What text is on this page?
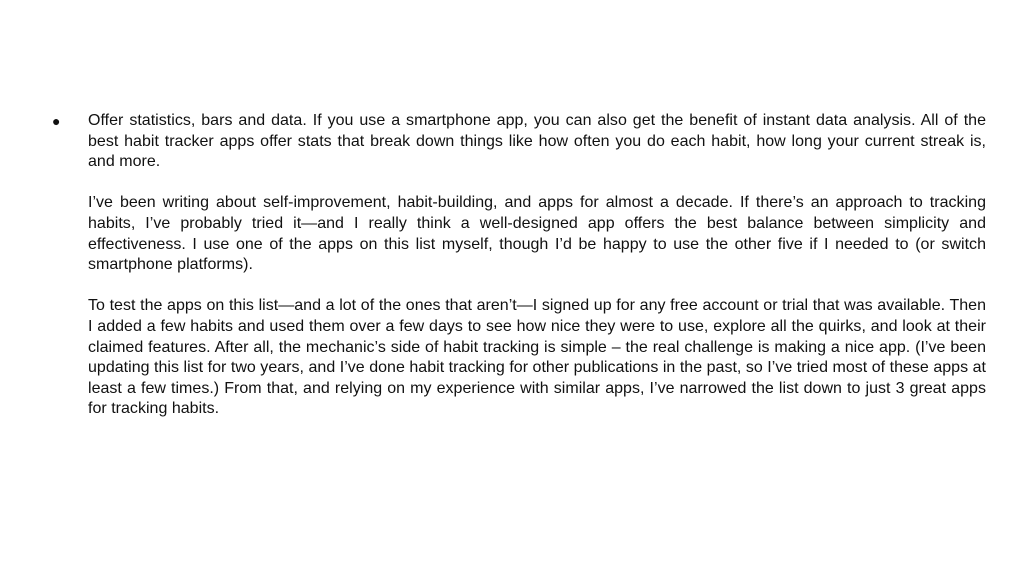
●	Offer statistics, bars and data. If you use a smartphone app, you can also get the benefit of instant data analysis. All of the best habit tracker apps offer stats that break down things like how often you do each habit, how long your current streak is, and more.

I’ve been writing about self-improvement, habit-building, and apps for almost a decade. If there’s an approach to tracking habits, I’ve probably tried it—and I really think a well-designed app offers the best balance between simplicity and effectiveness. I use one of the apps on this list myself, though I’d be happy to use the other five if I needed to (or switch smartphone platforms).

To test the apps on this list—and a lot of the ones that aren’t—I signed up for any free account or trial that was available. Then I added a few habits and used them over a few days to see how nice they were to use, explore all the quirks, and look at their claimed features. After all, the mechanic’s side of habit tracking is simple – the real challenge is making a nice app. (I’ve been updating this list for two years, and I’ve done habit tracking for other publications in the past, so I’ve tried most of these apps at least a few times.) From that, and relying on my experience with similar apps, I’ve narrowed the list down to just 3 great apps for tracking habits.
